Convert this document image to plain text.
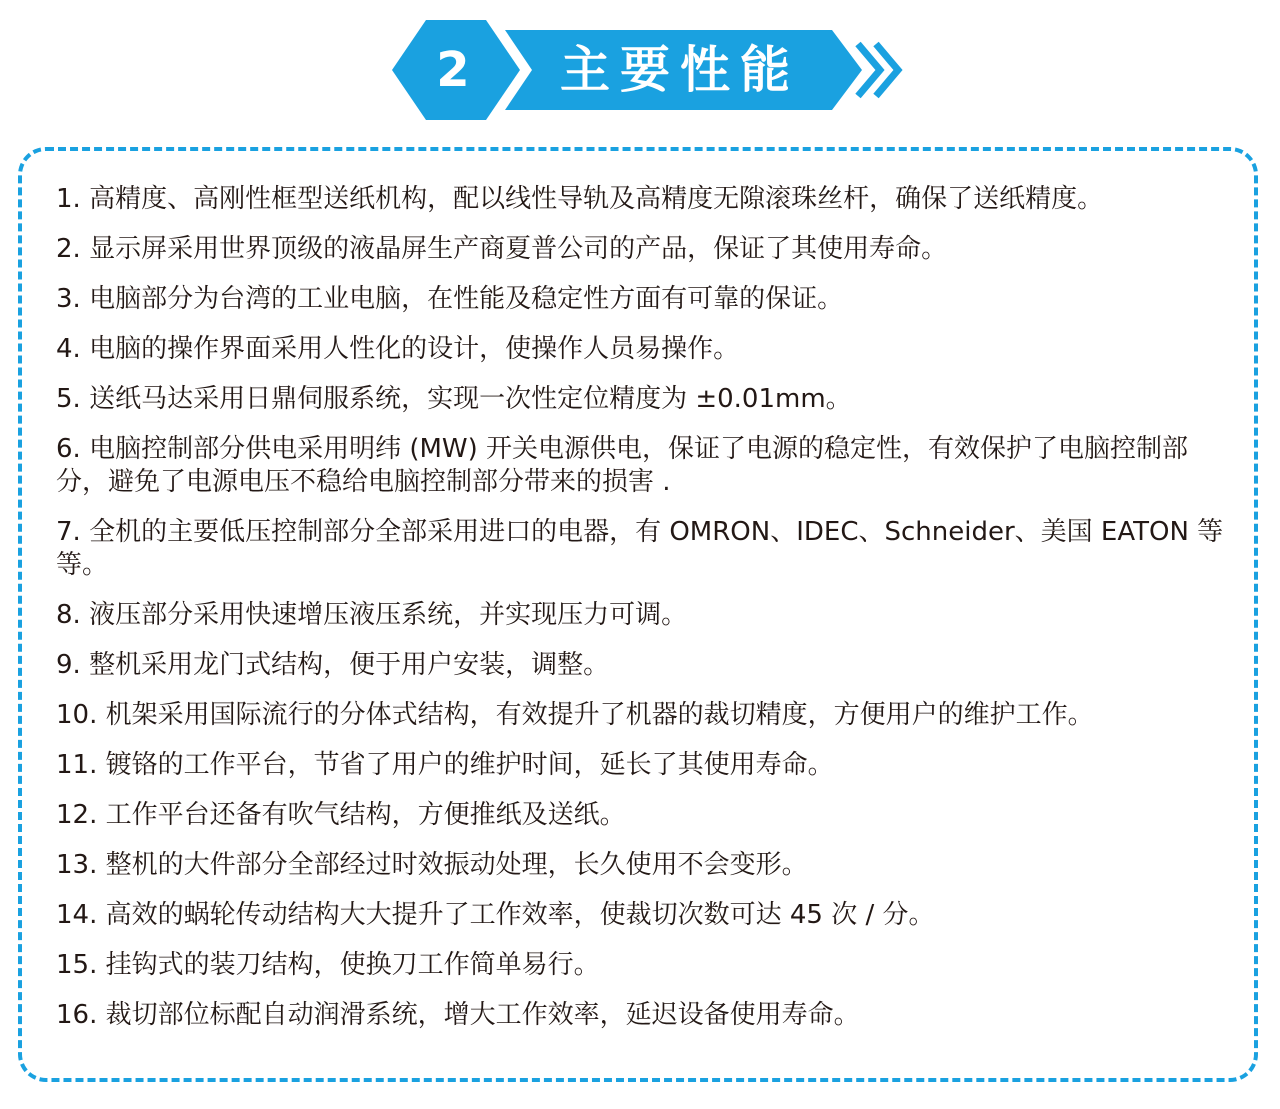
2	主要性能
1. 高精度、高刚性框型送纸机构，配以线性导轨及高精度无隙滚珠丝杆，确保了送纸精度。
2. 显示屏采用世界顶级的液晶屏生产商夏普公司的产品，保证了其使用寿命。
3. 电脑部分为台湾的工业电脑，在性能及稳定性方面有可靠的保证。
4. 电脑的操作界面采用人性化的设计，使操作人员易操作。
5. 送纸马达采用日鼎伺服系统，实现一次性定位精度为 ±0.01mm。
6. 电脑控制部分供电采用明纬 (MW) 开关电源供电，保证了电源的稳定性，有效保护了电脑控制部分，避免了电源电压不稳给电脑控制部分带来的损害 .
7. 全机的主要低压控制部分全部采用进口的电器，有 OMRON、IDEC、Schneider、美国 EATON 等等。
8. 液压部分采用快速增压液压系统，并实现压力可调。
9. 整机采用龙门式结构，便于用户安装，调整。
10. 机架采用国际流行的分体式结构，有效提升了机器的裁切精度，方便用户的维护工作。
11. 镀铬的工作平台，节省了用户的维护时间，延长了其使用寿命。
12. 工作平台还备有吹气结构，方便推纸及送纸。
13. 整机的大件部分全部经过时效振动处理，长久使用不会变形。
14. 高效的蜗轮传动结构大大提升了工作效率，使裁切次数可达 45 次 / 分。
15. 挂钩式的装刀结构，使换刀工作简单易行。
16. 裁切部位标配自动润滑系统，增大工作效率，延迟设备使用寿命。
